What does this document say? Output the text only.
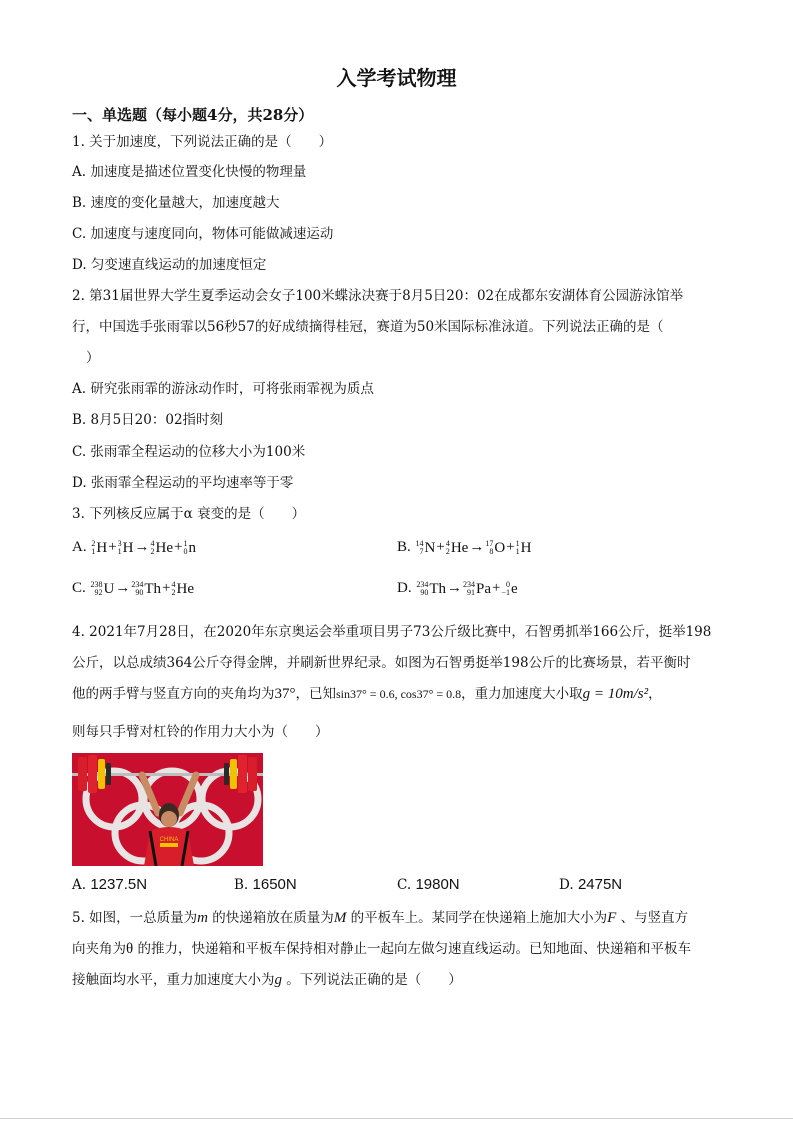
入学考试物理
一、单选题（每小题4分，共28分）
1. 关于加速度，下列说法正确的是（　　）
A. 加速度是描述位置变化快慢的物理量
B. 速度的变化量越大，加速度越大
C. 加速度与速度同向，物体可能做减速运动
D. 匀变速直线运动的加速度恒定
2. 第31届世界大学生夏季运动会女子100米蝶泳决赛于8月5日20：02在成都东安湖体育公园游泳馆举
行，中国选手张雨霏以56秒57的好成绩摘得桂冠，赛道为50米国际标准泳道。下列说法正确的是（
）
A. 研究张雨霏的游泳动作时，可将张雨霏视为质点
B. 8月5日20：02指时刻
C. 张雨霏全程运动的位移大小为100米
D. 张雨霏全程运动的平均速率等于零
3. 下列核反应属于α 衰变的是（　　）
A. 2
1 H+ 3
1 H→ 4
2 He+ 1
0 n	B. 14
7 N+ 4
2 He→ 17
8 O+ 1
1 H
C. 238
92 U→ 234
90 Th+ 4
2 He	D. 234
90 Th→ 234
91 Pa+ 0
−1 e
4. 2021年7月28日，在2020年东京奥运会举重项目男子73公斤级比赛中，石智勇抓举166公斤，挺举198
公斤，以总成绩364公斤夺得金牌，并刷新世界纪录。如图为石智勇挺举198公斤的比赛场景，若平衡时
他的两手臂与竖直方向的夹角均为37°，已知sin37° = 0.6, cos37° = 0.8，重力加速度大小取g = 10m/s²，
则每只手臂对杠铃的作用力大小为（　　）
CHINA
A. 1237.5N	B. 1650N	C. 1980N	D. 2475N
5. 如图，一总质量为m 的快递箱放在质量为M 的平板车上。某同学在快递箱上施加大小为F 、与竖直方
向夹角为θ 的推力，快递箱和平板车保持相对静止一起向左做匀速直线运动。已知地面、快递箱和平板车
接触面均水平，重力加速度大小为g 。下列说法正确的是（　　）
